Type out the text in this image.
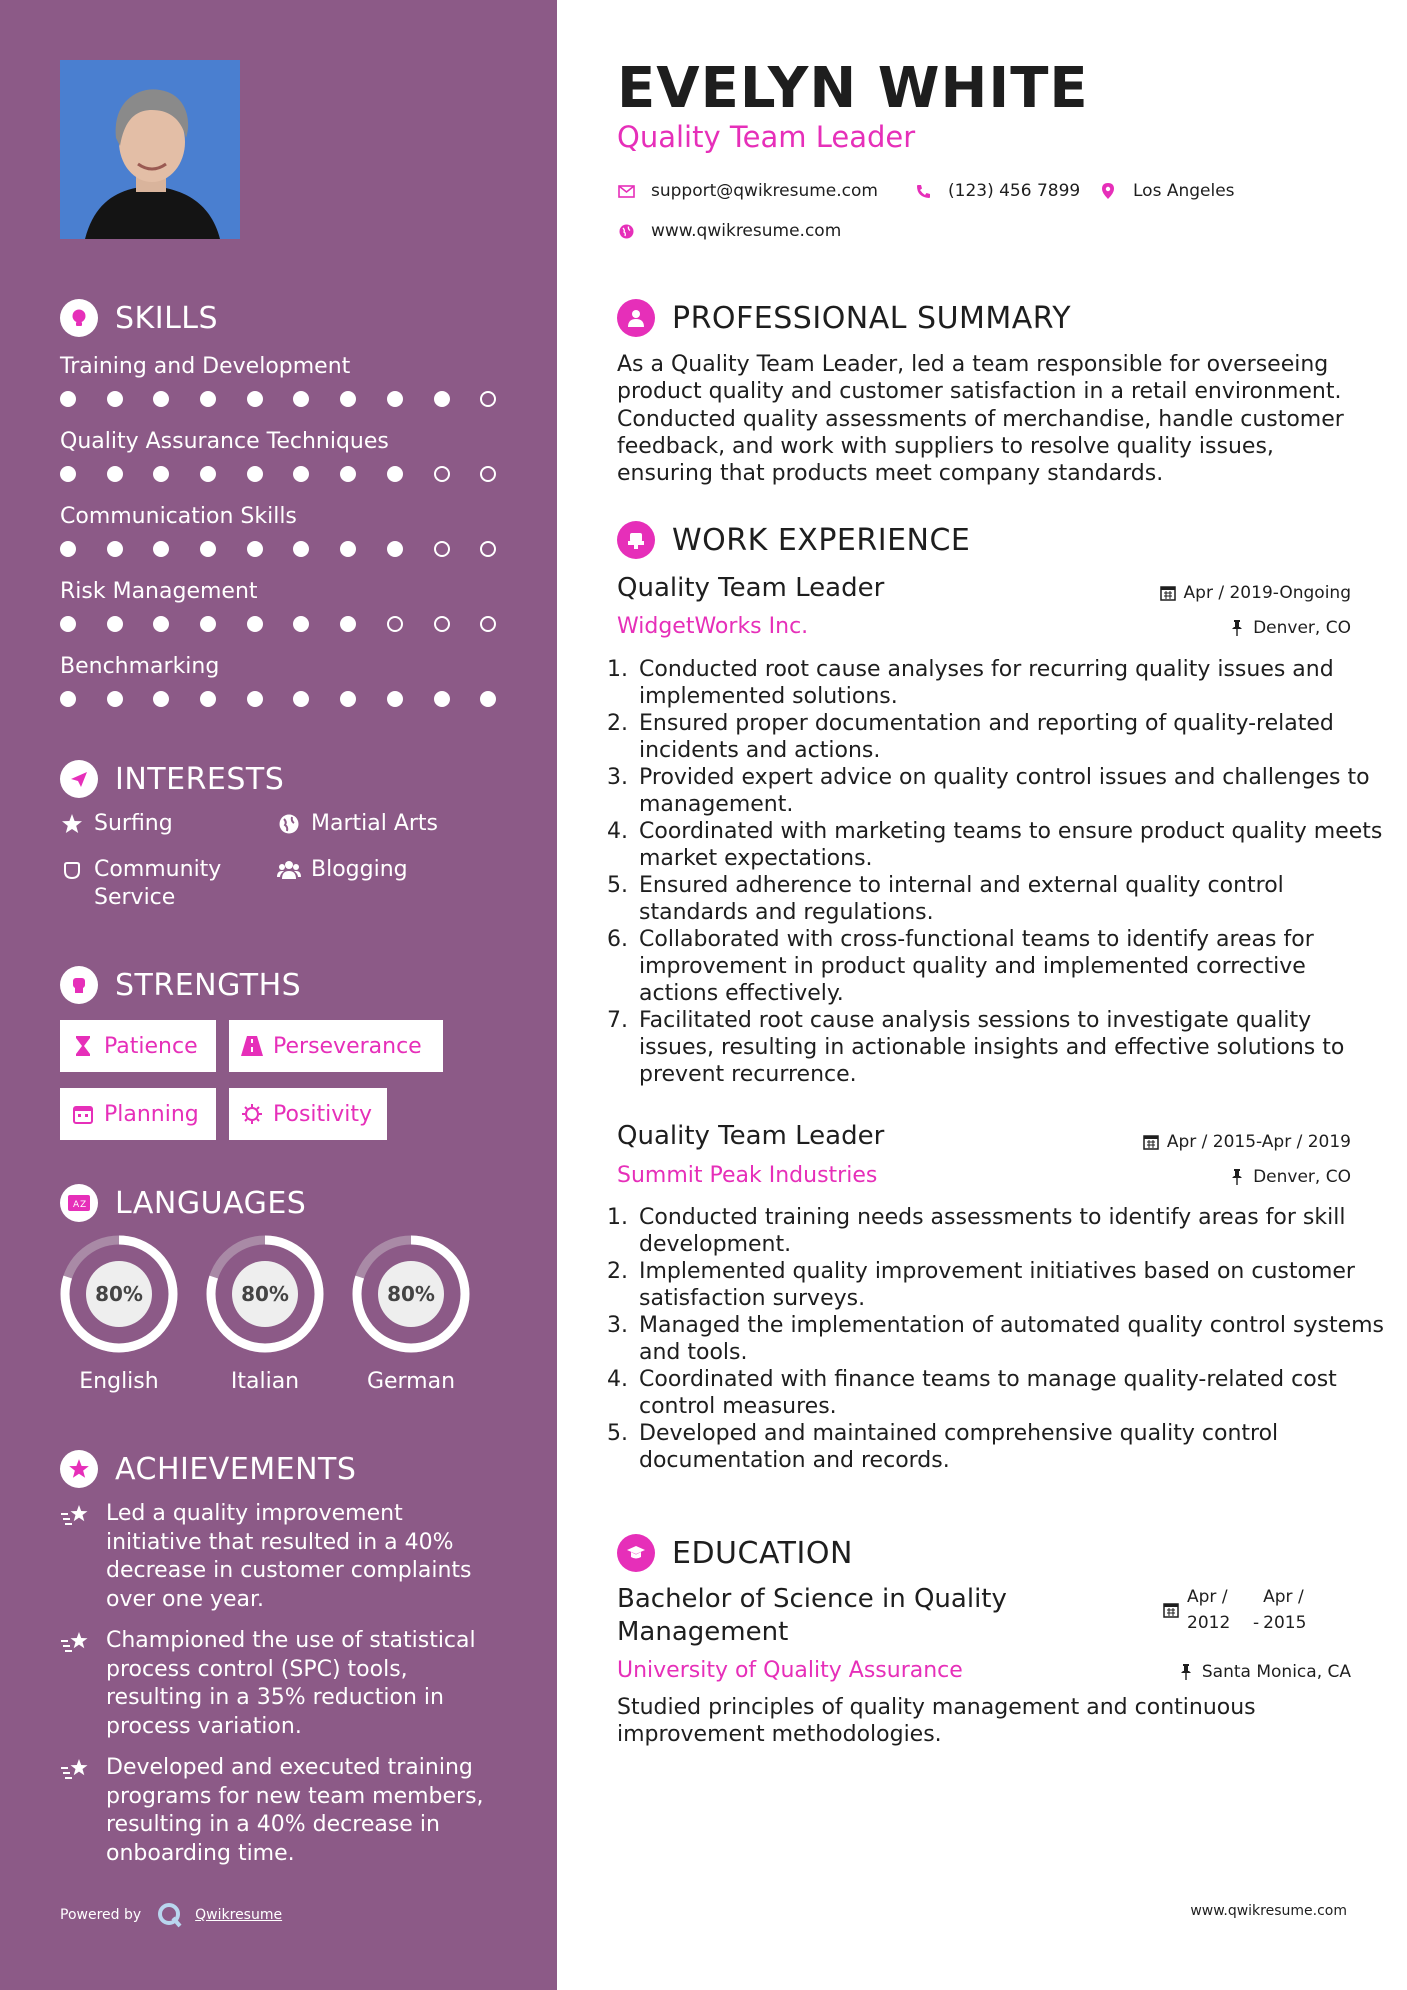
SKILLS
Training and Development
Quality Assurance Techniques
Communication Skills
Risk Management
Benchmarking
INTERESTS
Surfing	Martial Arts
Community Service
Blogging
STRENGTHS
Patience	Perseverance
Planning	Positivity
A Z LANGUAGES
80%
English
80%
Italian
80%
German
ACHIEVEMENTS
Led a quality improvement initiative that resulted in a 40% decrease in customer complaints over one year.
Championed the use of statistical process control (SPC) tools, resulting in a 35% reduction in process variation.
Developed and executed training programs for new team members, resulting in a 40% decrease in onboarding time.
Powered by	Qwikresume
EVELYN WHITE
Quality Team Leader
support@qwikresume.com	(123) 456 7899	Los Angeles
www.qwikresume.com
PROFESSIONAL SUMMARY
As a Quality Team Leader, led a team responsible for overseeing product quality and customer satisfaction in a retail environment. Conducted quality assessments of merchandise, handle customer feedback, and work with suppliers to resolve quality issues, ensuring that products meet company standards.
WORK EXPERIENCE
Quality Team Leader	Apr / 2019-Ongoing
WidgetWorks Inc.	Denver, CO
1. Conducted root cause analyses for recurring quality issues and implemented solutions.
2. Ensured proper documentation and reporting of quality-related incidents and actions.
3. Provided expert advice on quality control issues and challenges to management.
4. Coordinated with marketing teams to ensure product quality meets market expectations.
5. Ensured adherence to internal and external quality control standards and regulations.
6. Collaborated with cross-functional teams to identify areas for improvement in product quality and implemented corrective actions effectively.
7. Facilitated root cause analysis sessions to investigate quality issues, resulting in actionable insights and effective solutions to prevent recurrence.
Quality Team Leader	Apr / 2015-Apr / 2019
Summit Peak Industries	Denver, CO
1. Conducted training needs assessments to identify areas for skill development.
2. Implemented quality improvement initiatives based on customer satisfaction surveys.
3. Managed the implementation of automated quality control systems and tools.
4. Coordinated with finance teams to manage quality-related cost control measures.
5. Developed and maintained comprehensive quality control documentation and records.
EDUCATION
Bachelor of Science in Quality Management
Apr / 2012	-
Apr / 2015
University of Quality Assurance	Santa Monica, CA
Studied principles of quality management and continuous improvement methodologies.
www.qwikresume.com
